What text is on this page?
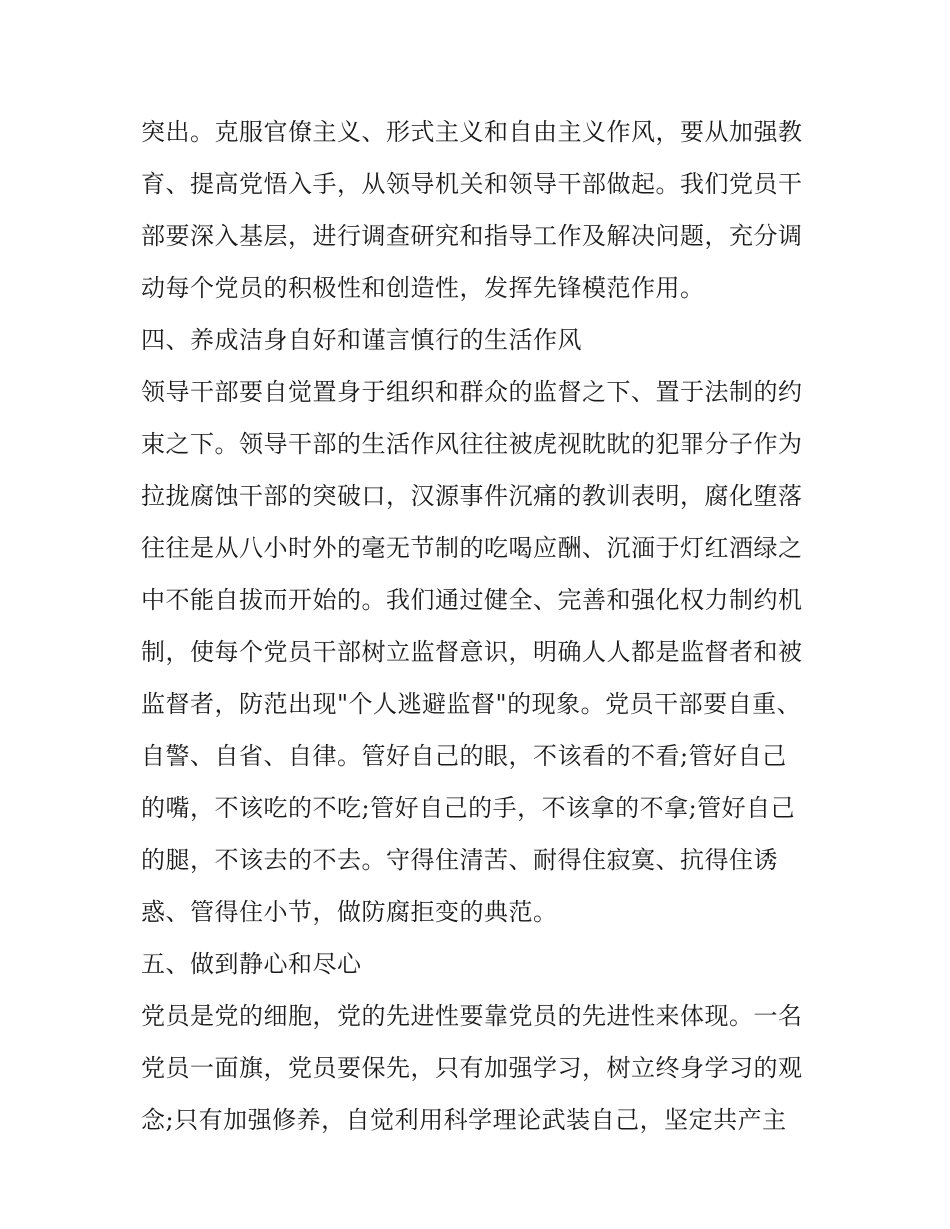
突出。克服官僚主义、形式主义和自由主义作风，要从加强教
育、提高党悟入手，从领导机关和领导干部做起。我们党员干
部要深入基层，进行调查研究和指导工作及解决问题，充分调
动每个党员的积极性和创造性，发挥先锋模范作用。
四、养成洁身自好和谨言慎行的生活作风
领导干部要自觉置身于组织和群众的监督之下、置于法制的约
束之下。领导干部的生活作风往往被虎视眈眈的犯罪分子作为
拉拢腐蚀干部的突破口，汉源事件沉痛的教训表明，腐化堕落
往往是从八小时外的毫无节制的吃喝应酬、沉湎于灯红酒绿之
中不能自拔而开始的。我们通过健全、完善和强化权力制约机
制，使每个党员干部树立监督意识，明确人人都是监督者和被
监督者，防范出现"个人逃避监督"的现象。党员干部要自重、
自警、自省、自律。管好自己的眼，不该看的不看;管好自己
的嘴，不该吃的不吃;管好自己的手，不该拿的不拿;管好自己
的腿，不该去的不去。守得住清苦、耐得住寂寞、抗得住诱
惑、管得住小节，做防腐拒变的典范。
五、做到静心和尽心
党员是党的细胞，党的先进性要靠党员的先进性来体现。一名
党员一面旗，党员要保先，只有加强学习，树立终身学习的观
念;只有加强修养，自觉利用科学理论武装自己，坚定共产主
